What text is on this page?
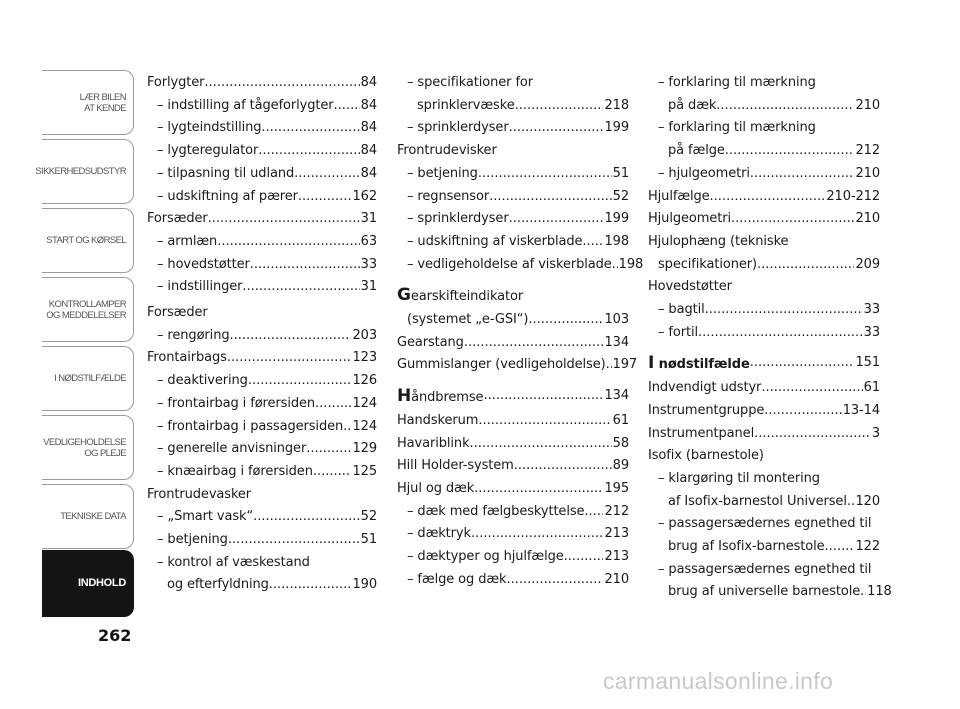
LÆR BILEN
AT KENDE
SIKKERHEDSUDSTYR
START OG KØRSEL
KONTROLLAMPER
OG MEDDELELSER
I NØDSTILFÆLDE
VEDLIGEHOLDELSE
OG PLEJE
TEKNISKE DATA
INDHOLD
262
Forlygter .....	84
– indstilling af tågeforlygter ..... 84
– lygteindstilling .....	84
– lygteregulator .....	84
– tilpasning til udland .....	84
– udskiftning af pærer .....	162
Forsæder .....	31
– armlæn .....	63
– hovedstøtter .....	33
– indstillinger .....	31
Forsæder
– rengøring .....	203
Frontairbags .....	123
– deaktivering .....	126
– frontairbag i førersiden .....	124
– frontairbag i passagersiden ..... 124
– generelle anvisninger .....	129
– knæairbag i førersiden .....	125
Frontrudevasker
– „Smart vask“ .....	52
– betjening .....	51
– kontrol af væskestand
og efterfyldning .....	190
– specifikationer for
sprinklervæske .....	218
– sprinklerdyser .....	199
Frontrudevisker
– betjening .....	51
– regnsensor .....	52
– sprinklerdyser .....	199
– udskiftning af viskerblade ..... 198
– vedligeholdelse af viskerblade ..... 198
Gearskifteindikator
(systemet „e-GSI“) .....	103
Gearstang .....	134
Gummislanger (vedligeholdelse) ..... 197
Håndbremse .....	134
Handskerum .....	61
Havariblink .....	58
Hill Holder-system .....	89
Hjul og dæk .....	195
– dæk med fælgbeskyttelse ..... 212
– dæktryk .....	213
– dæktyper og hjulfælge .....	213
– fælge og dæk .....	210
– forklaring til mærkning
på dæk .....	210
– forklaring til mærkning
på fælge .....	212
– hjulgeometri .....	210
Hjulfælge .....	210-212
Hjulgeometri .....	210
Hjulophæng (tekniske
specifikationer) .....	209
Hovedstøtter
– bagtil .....	33
– fortil .....	33
I nødstilfælde .....	151
Indvendigt udstyr .....	61
Instrumentgruppe .....	13-14
Instrumentpanel .....	3
Isofix (barnestole)
– klargøring til montering
af Isofix-barnestol Universel ..... 120
– passagersædernes egnethed til
brug af Isofix-barnestole ..... 122
– passagersædernes egnethed til
brug af universelle barnestole ..... 118
carmanualsonline.info
